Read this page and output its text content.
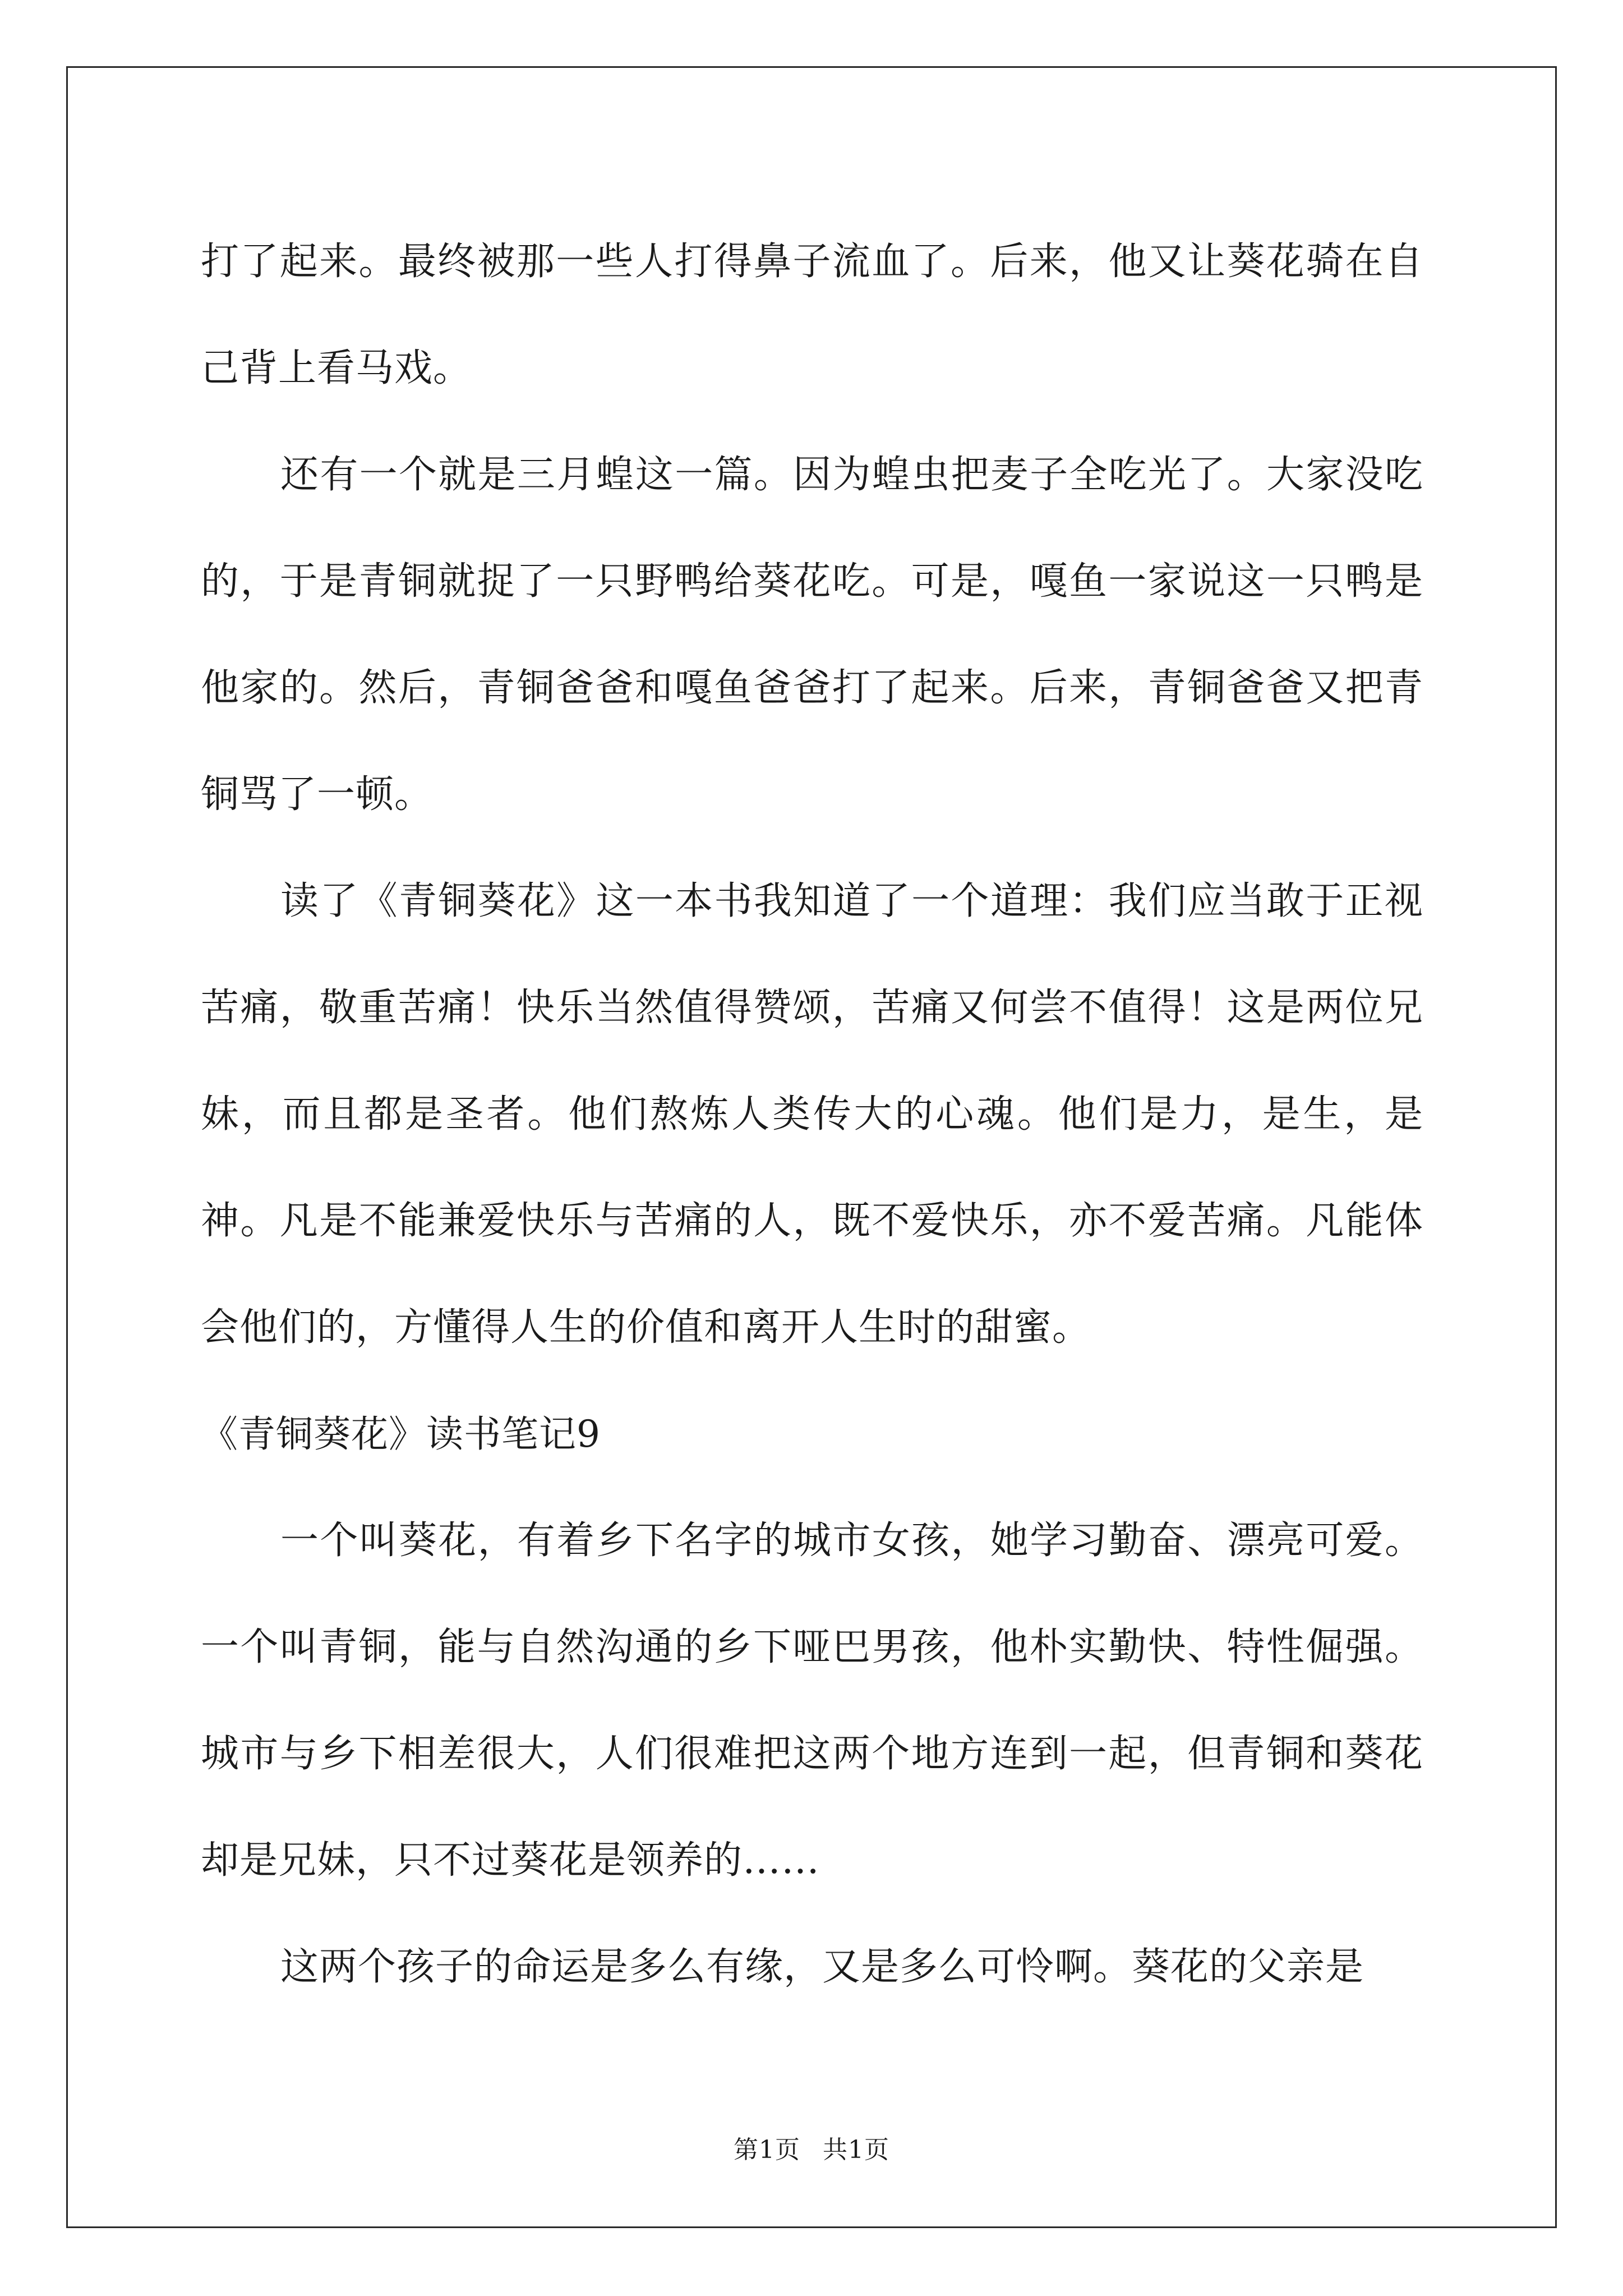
打了起来。最终被那一些人打得鼻子流血了。后来，他又让葵花骑在自己背上看马戏。

还有一个就是三月蝗这一篇。因为蝗虫把麦子全吃光了。大家没吃的，于是青铜就捉了一只野鸭给葵花吃。可是，嘎鱼一家说这一只鸭是他家的。然后，青铜爸爸和嘎鱼爸爸打了起来。后来，青铜爸爸又把青铜骂了一顿。

读了《青铜葵花》这一本书我知道了一个道理：我们应当敢于正视苦痛，敬重苦痛！快乐当然值得赞颂，苦痛又何尝不值得！这是两位兄妹，而且都是圣者。他们熬炼人类传大的心魂。他们是力，是生，是神。凡是不能兼爱快乐与苦痛的人，既不爱快乐，亦不爱苦痛。凡能体会他们的，方懂得人生的价值和离开人生时的甜蜜。

《青铜葵花》读书笔记9

一个叫葵花，有着乡下名字的城市女孩，她学习勤奋、漂亮可爱。一个叫青铜，能与自然沟通的乡下哑巴男孩，他朴实勤快、特性倔强。城市与乡下相差很大，人们很难把这两个地方连到一起，但青铜和葵花却是兄妹，只不过葵花是领养的……

这两个孩子的命运是多么有缘，又是多么可怜啊。葵花的父亲是

第1页 共1页
